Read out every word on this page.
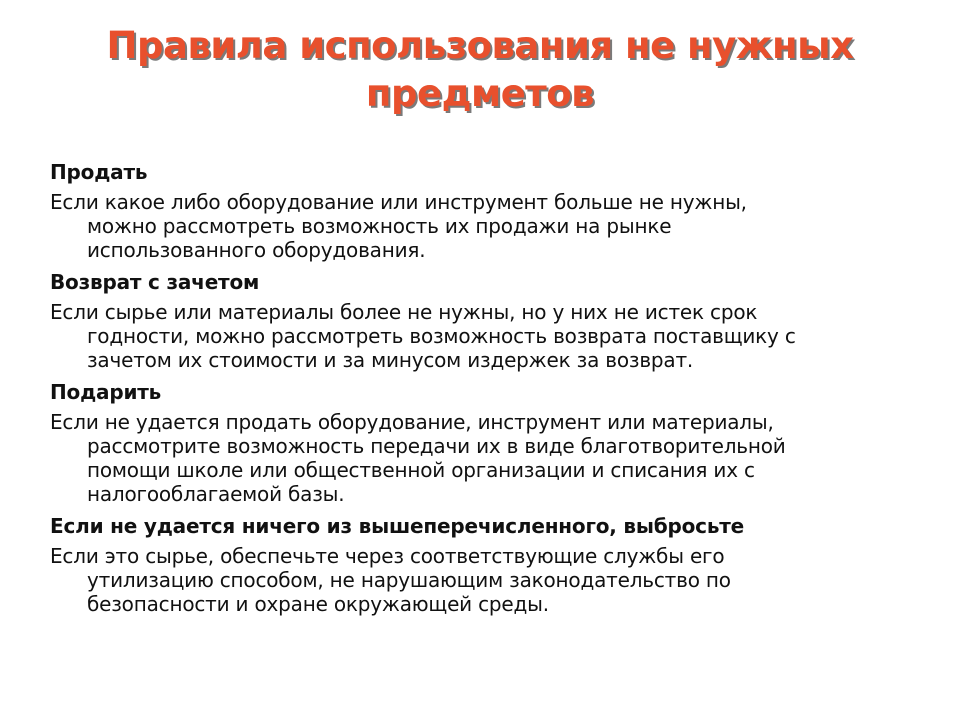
Правила использования не нужных
предметов
Продать
Если какое либо оборудование или инструмент больше не нужны,
можно рассмотреть возможность их продажи на рынке
использованного оборудования.
Возврат с зачетом
Если сырье или материалы более не нужны, но у них не истек срок
годности, можно рассмотреть возможность возврата поставщику с
зачетом их стоимости и за минусом издержек за возврат.
Подарить
Если не удается продать оборудование, инструмент или материалы,
рассмотрите возможность передачи их в виде благотворительной
помощи школе или общественной организации и списания их с
налогооблагаемой базы.
Если не удается ничего из вышеперечисленного, выбросьте
Если это сырье, обеспечьте через соответствующие службы его
утилизацию способом, не нарушающим законодательство по
безопасности и охране окружающей среды.
